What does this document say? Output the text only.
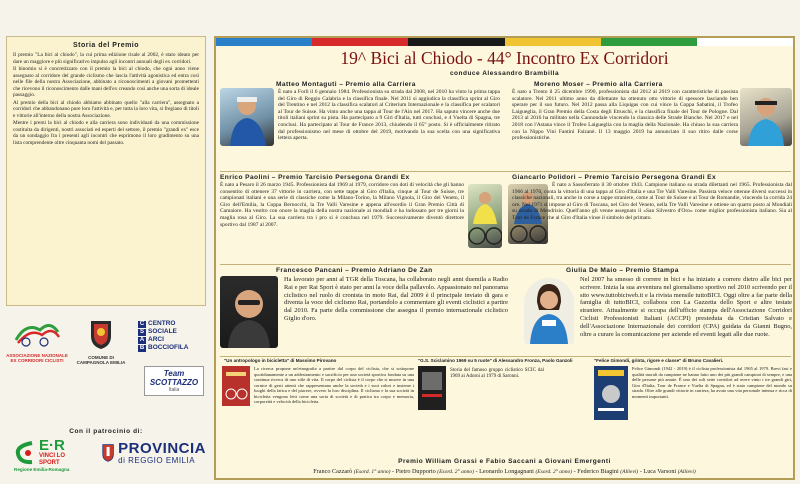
Storia del Premio

Il premio "La bici al chiodo", la cui prima edizione risale al 2002, è stato ideato per dare un maggiore e più significativo impulso agli incontri annuali degli ex corridori.

Il binomio si è concretizzato con il premio la bici al chiodo, che ogni anno viene assegnato al corridore del grande ciclismo che lascia l'attività agonistica ed entra così nelle file della nostra Associazione, abbinato a riconoscimenti a giovani promettenti che ricevono il riconoscimento dalle mani dell'ex creando così anche una sorta di ideale passaggio.

Al premio della bici al chiodo abbiamo abbinato quello "alla carriera", assegnato a corridori che abbandonano pure loro l'attività e, per tutta la loro vita, si fregiano di titoli e vittorie all'interno della nostra Associazione.

Mentre i premi la bici al chiodo e alla carriera sono individuati da una commissione costituita da dirigenti, nostri associati ed esperti del settore, il premio "grandi ex" esce da un sondaggio fra i presenti agli incontri che esprimono il loro gradimento su una lista comprendente oltre cinquanta nomi del passato.

ASSOCIAZIONE NAZIONALE EX CORRIDORI CICLISTI
COMUNE DI CAMPAGNOLA EMILIA
C CENTRO
S SOCIALE
A ARCI
B BOCCIOFILA
Team SCOTTAZZO
Italia
Con il patrocinio di:
E·R
VINCI LO
SPORT
Regione Emilia-Romagna
PROVINCIA
di REGGIO EMILIA
19^ Bici al Chiodo - 44° Incontro Ex Corridori
conduce Alessandro Brambilla
Matteo Montaguti – Premio alla Carriera
È nato a Forlì il 6 gennaio 1984. Professionista su strada dal 2008, nel 2010 ha vinto la prima tappa del Giro di Reggio Calabria e la classifica finale. Nel 2011 si aggiudica la classifica sprint al Giro del Trentino e nel 2012 la classifica scalatori al Criterium Internazionale e la classifica per scalatori al Tour de Suisse. Ha vinto anche una tappa al Tour de l'Ain nel 2017. Ha saputo vincere anche due titoli italiani sprint su pista. Ha partecipato a 9 Giri d'Italia, tutti conclusi, e 4 Vuelta di Spagna, tre conclusi. Ha partecipato al Tour de France 2013, chiudendo il 65° posto. Si è ufficialmente ritirato dal professionismo nel mese di ottobre del 2019, motivando la sua scelta con una significativa lettera aperta.
Moreno Moser – Premio alla Carriera
È nato a Trento il 25 dicembre 1990, professionista dal 2012 al 2019 con caratteristiche di passista scalatore. Nel 2011 ultimo anno da dilettante ha ottenuto otto vittorie di spessore lasciando ben sperare per il suo futuro. Nel 2012 passa alla Liquigas con cui vince la Coppa Sabatini, il Trofeo Laigueglia, il Gran Premio della Costa degli Etruschi, e la classifica finale del Tour de Pologne. Dal 2013 al 2016 ha militato nella Cannondale vincendo la classica delle Strade Bianche. Nel 2017 e nel 2018 con l'Astana vince il Trofeo Laigueglia con la maglia della Nazionale. Ha chiuso la sua carriera con la Nippo Vini Fantini Faizanè. Il 13 maggio 2019 ha annunciato il suo ritiro dalle corse professionistiche.
Enrico Paolini – Premio Tarcisio Persegona Grandi Ex
È nato a Pesaro il 26 marzo 1945. Professionista dal 1969 al 1979, corridore con doti di velocità che gli hanno consentito di ottenere 37 vittorie in carriera, con sette tappe al Giro d'Italia, cinque al Tour de Suisse, tre campionati italiani e una serie di classiche come la Milano-Torino, la Milano Vignola, il Giro del Veneto, il Giro dell'Emilia, la Coppa Bernocchi, la Tre Valli Varesine e appena all'esordio il Gran Premio Città di Camaiore. Ha vestito con onore la maglia della nostra nazionale ai mondiali e ha indossato per tre giorni la maglia rosa al Giro. La sua carriera tra i pro si è conclusa nel 1979. Successivamente diventò direttore sportivo dal 1987 al 2007.
Giancarlo Polidori – Premio Tarcisio Persegona Grandi Ex
È nato a Sassoferrato il 30 ottobre 1943. Campione italiano su strada dilettanti nel 1965. Professionista dal 1966 al 1976, conta la vittoria di una tappa al Giro d'Italia e una Tre Valli Varesine. Passista veloce ottenne diversi successi in classiche nazionali, tra anche in corse a tappe straniere, come al Tour de Suisse e al Tour de Romandie, vincendo la corrida 24 ore. Nel 1971 si impone al Giro di Toscana, nel Giro del Veneto, nella Tre Valli Varesine e ottiene un quarto posto ai Mondiali su strada di Mendrisio. Quell'anno gli venne assegnato il «San Silvestro d'Oro» come miglior professionista italiano. Sia al Tour de France che al Giro d'Italia vinse il simbolo del primato.
Francesco Pancani – Premio Adriano De Zan
Ha lavorato per anni al TGR della Toscana, ha collaborato negli anni duemila a Radio Rai e per Rai Sport è stato per anni la voce della pallavolo. Appassionato nel panorama ciclistico nel ruolo di cronista in moto Rai, dal 2009 è il principale inviato di gara e diventa la voce del ciclismo Rai, portandolo a commentare gli eventi ciclistici a partire dal 2010. Fa parte della commissione che assegna il premio internazionale ciclistico Giglio d'oro.
Giulia De Maio – Premio Stampa
Nel 2007 ha smesso di correre in bici e ha iniziato a correre dietro alle bici per scrivere. Inizia la sua avventura nel giornalismo sportivo nel 2010 scrivendo per il sito www.tuttobiciweb.it e la rivista mensile tuttoBICI. Oggi oltre a far parte della famiglia di tuttoBICI, collabora con La Gazzetta dello Sport e altre testate straniere. Attualmente si occupa dell'ufficio stampa dell'Associazione Corridori Ciclisti Professionisti Italiani (ACCPI) presieduta da Cristian Salvato e dell'Associazione Internazionale dei corridori (CPA) guidata da Gianni Bugno, oltre a curare la comunicazione per aziende ed eventi legati alle due ruote.
"Un antropologo in bicicletta" di Massimo Pirovano
La ricerca propone un'etnografia a partire dal corpo del ciclista, che si sottopone quotidianamente a un addestramento e sacrificio per una società sportiva fondata su una continua ricerca di uno stile di vita. Il corpo del ciclista è il corpo che si muove in una cornice di gesti attenti che rappresentano anche la società e i suoi valori e insieme i luoghi della fatica e del piacere, ovvero la loro disciplina. Il ciclismo e la sua società in bicicletta vengono letti come una sorta di società e di pratica tra corpo e memoria, corporeità e velocità della bicicletta.
"G.S. Sciclamino 1969 su 5 ruote" di Alessandro Fronza, Paolo Ganzoli
Storia del famoso gruppo ciclistico SCIC dal 1969 ai Adorni al 1979 di Saronni.
"Felice Gimondi, grinta, rigore e classe" di Bruno Cavalieri.
Felice Gimondi (1942 - 2019) è il ciclista professionista dal 1965 al 1979. Brevi fasi e qualità morali da campione ne hanno fatto uno dei più grandi campioni di sempre, e una delle persone più amate. È uno dei soli sette corridori ad avere vinto i tre grandi giri, Giro d'Italia, Tour de France e Vuelta di Spagna, ed è stato campione del mondo su strada. Oltre alle grandi vittorie in carriera, ha avuto una vita personale intensa e ricca di momenti importanti.
Premio William Grassi e Fabio Saccani a Giovani Emergenti
Franco Cazzarò (Esord. 1° anno) - Pietro Dupporto (Esord. 2° anno) - Leonardo Longagnani (Esord. 2° anno) - Federico Biagini (Allievi) - Luca Varsoni (Allievi)
